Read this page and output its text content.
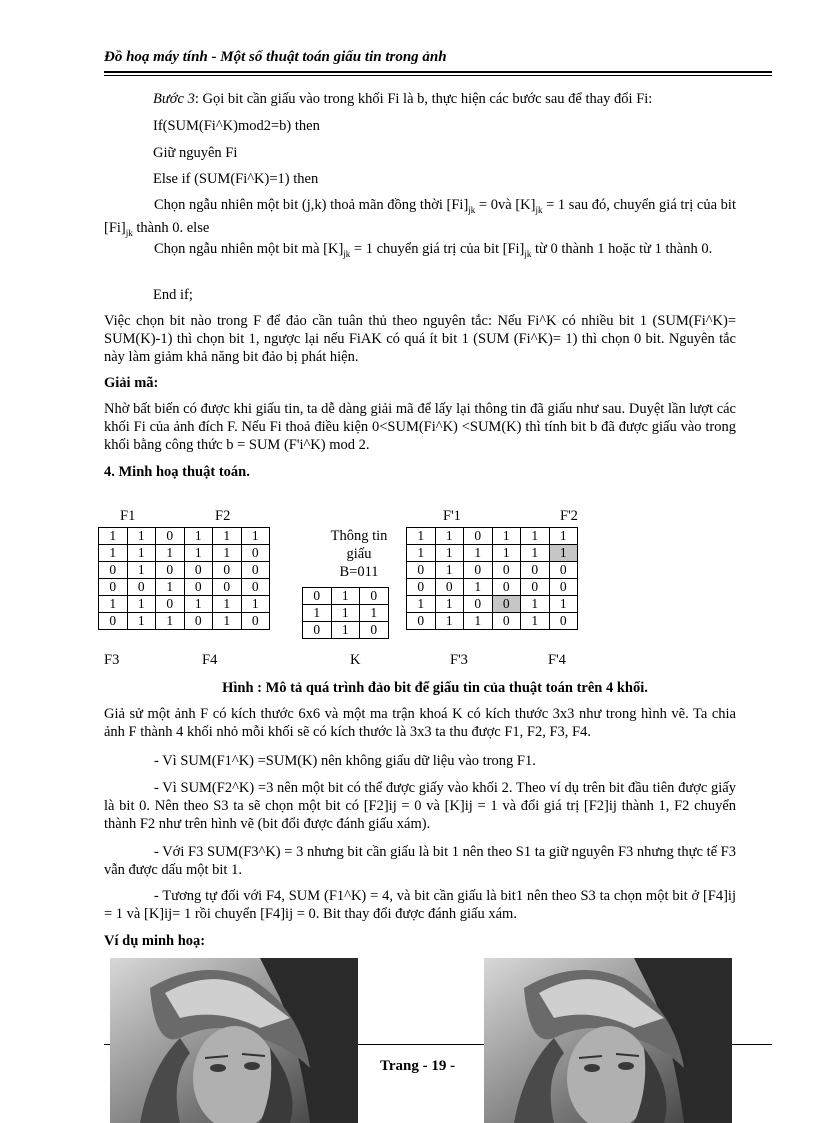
Đồ hoạ máy tính - Một số thuật toán giấu tin trong ảnh

Bước 3: Gọi bit cần giấu vào trong khối Fi là b, thực hiện các bước sau để thay đổi Fi:

If(SUM(Fi^K)mod2=b) then

Giữ nguyên Fi

Else if (SUM(Fi^K)=1) then

Chọn ngẫu nhiên một bit (j,k) thoả mãn đồng thời $[Fi]_{jk}$ = 0và $[K]_{jk} = 1$ sau đó, chuyển giá trị của bit $[Fi]_{jk}$ thành 0. else

Chọn ngẫu nhiên một bit mà $[K]_{jk} = 1$ chuyển giá trị của bit $[Fi]_{jk}$ từ 0 thành 1 hoặc từ 1 thành 0.

End if;

Việc chọn bit nào trong F để đảo cần tuân thủ theo nguyên tắc: Nếu Fi^K có nhiều bit 1 (SUM(Fi^K)= SUM(K)-1) thì chọn bit 1, ngược lại nếu FiAK có quá ít bit 1 (SUM (Fi^K)= 1) thì chọn 0 bit. Nguyên tắc này làm giảm khả năng bit đảo bị phát hiện.

Giải mã:

Nhờ bất biến có được khi giấu tin, ta dễ dàng giải mã để lấy lại thông tin đã giấu như sau. Duyệt lần lượt các khối Fi của ảnh đích F. Nếu Fi thoả điều kiện 0<SUM(Fi^K) <SUM(K) thì tính bit b đã được giấu vào trong khối bằng công thức b = SUM (F'i^K) mod 2.

4. Minh hoạ thuật toán.

F1	F2	F'1	F'2
1	1	0	1	1	1
1	1	1	1	1	0
0	1	0	0	0	0
0	0	1	0	0	0
1	1	0	1	1	1
0	1	1	0	1	0
Thông tin
giấu
B=011
0	1	0
1	1	1
0	1	0
1	1	0	1	1	1
1	1	1	1	1	1
0	1	0	0	0	0
0	0	1	0	0	0
1	1	0	0	1	1
0	1	1	0	1	0
F3	F4	K	F'3	F'4

Hình : Mô tả quá trình đảo bit để giấu tin của thuật toán trên 4 khối.

Giả sử một ảnh F có kích thước 6x6 và một ma trận khoá K có kích thước 3x3 như trong hình vẽ. Ta chia ảnh F thành 4 khối nhỏ mỗi khối sẽ có kích thước là 3x3 ta thu được F1, F2, F3, F4.

- Vì SUM(F1^K) =SUM(K) nên không giấu dữ liệu vào trong F1.

- Vì SUM(F2^K) =3 nên một bit có thể được giấy vào khối 2. Theo ví dụ trên bit đầu tiên được giấy là bit 0. Nên theo S3 ta sẽ chọn một bit có [F2]ij = 0 và [K]ij = 1 và đổi giá trị [F2]ij thành 1, F2 chuyển thành F2 như trên hình vẽ (bit đổi được đánh giấu xám).

- Với F3 SUM(F3^K) = 3 nhưng bit cần giấu là bit 1 nên theo S1 ta giữ nguyên F3 nhưng thực tế F3 vẫn được dấu một bit 1.

- Tương tự đối với F4, SUM (F1^K) = 4, và bit cần giấu là bit1 nên theo S3 ta chọn một bit ở [F4]ij = 1 và [K]ij= 1 rồi chuyển [F4]ij = 0. Bit thay đổi được đánh giấu xám.

Ví dụ minh hoạ:

Trang - 19 -
